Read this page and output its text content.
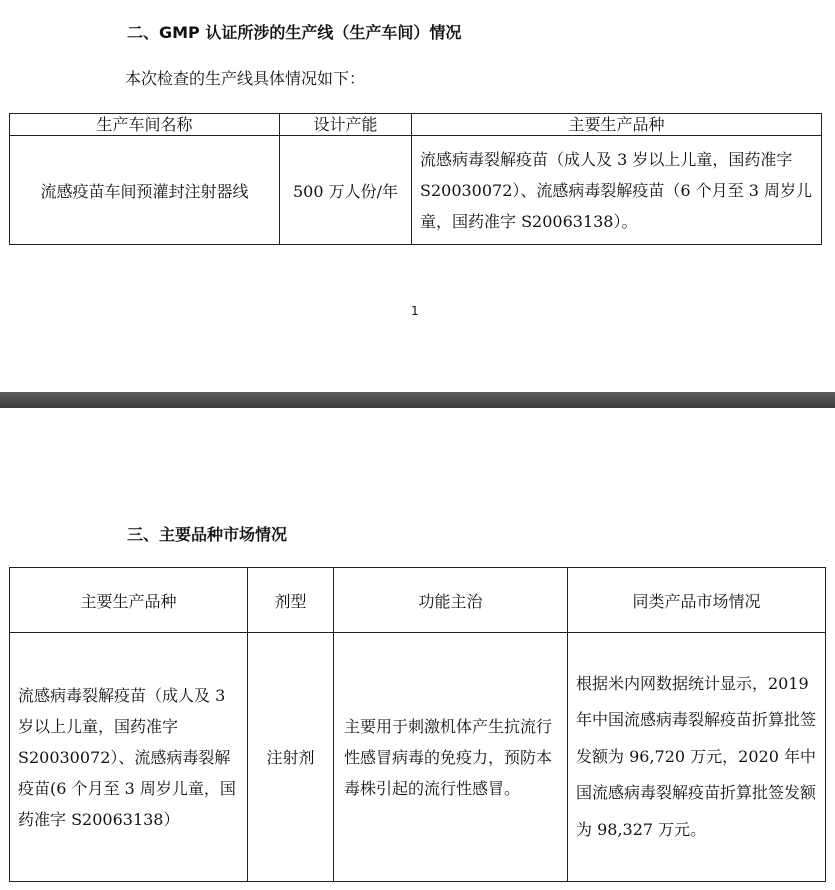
二、GMP 认证所涉的生产线（生产车间）情况
本次检查的生产线具体情况如下：
生产车间名称	设计产能	主要生产品种
流感疫苗车间预灌封注射器线	500 万人份/年	流感病毒裂解疫苗（成人及 3 岁以上儿童，国药准字 S20030072）、流感病毒裂解疫苗（6 个月至 3 周岁儿童，国药准字 S20063138）。
1
三、主要品种市场情况
主要生产品种	剂型	功能主治	同类产品市场情况
流感病毒裂解疫苗（成人及 3 岁以上儿童，国药准字 S20030072）、流感病毒裂解疫苗(6 个月至 3 周岁儿童，国药准字 S20063138）	注射剂	主要用于刺激机体产生抗流行性感冒病毒的免疫力，预防本毒株引起的流行性感冒。	根据米内网数据统计显示，2019 年中国流感病毒裂解疫苗折算批签发额为 96,720 万元，2020 年中国流感病毒裂解疫苗折算批签发额为 98,327 万元。
